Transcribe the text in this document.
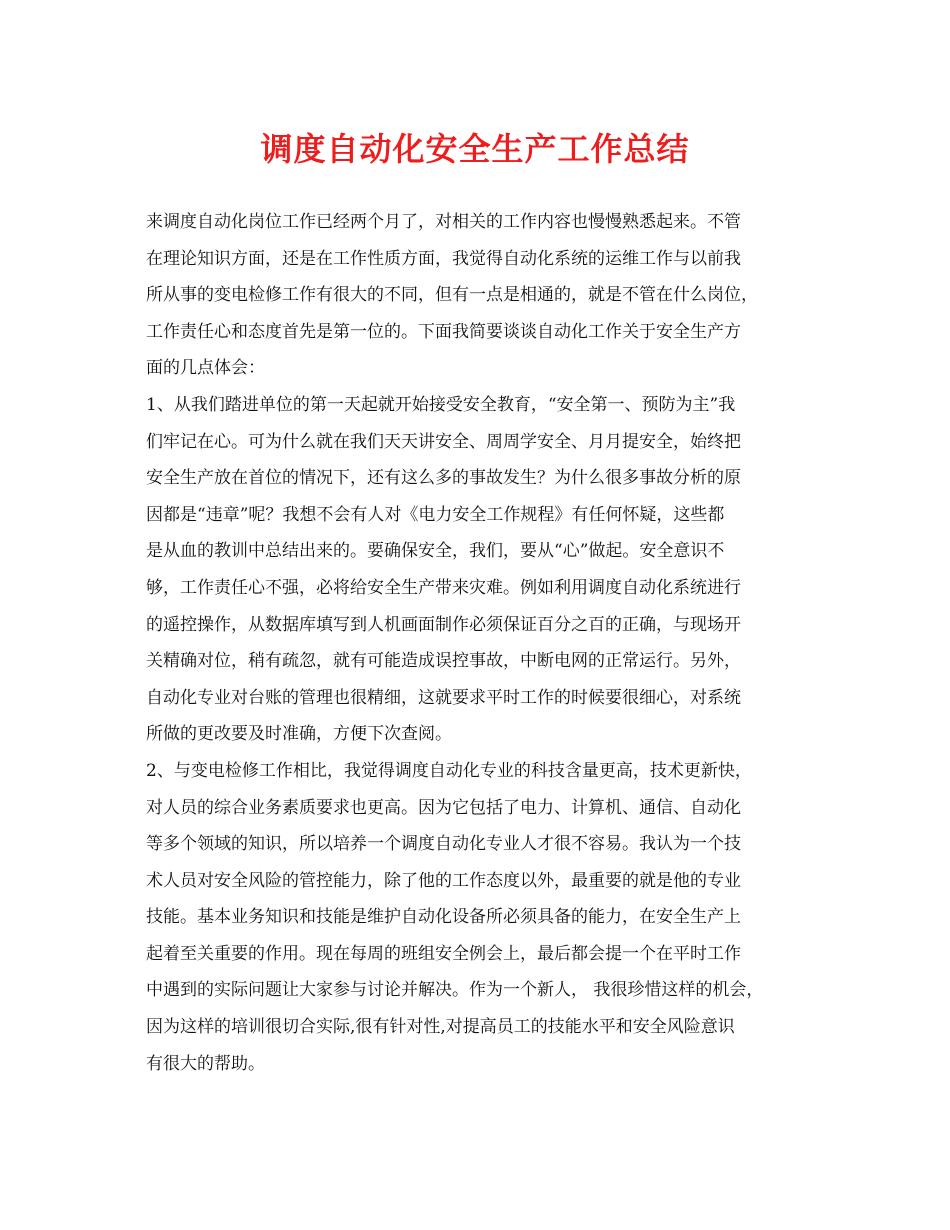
调度自动化安全生产工作总结
来调度自动化岗位工作已经两个月了，对相关的工作内容也慢慢熟悉起来。不管
在理论知识方面，还是在工作性质方面，我觉得自动化系统的运维工作与以前我
所从事的变电检修工作有很大的不同，但有一点是相通的，就是不管在什么岗位，
工作责任心和态度首先是第一位的。下面我简要谈谈自动化工作关于安全生产方
面的几点体会：
1、从我们踏进单位的第一天起就开始接受安全教育，“安全第一、预防为主”我
们牢记在心。可为什么就在我们天天讲安全、周周学安全、月月提安全，始终把
安全生产放在首位的情况下，还有这么多的事故发生？为什么很多事故分析的原
因都是“违章”呢？我想不会有人对《电力安全工作规程》有任何怀疑，这些都
是从血的教训中总结出来的。要确保安全，我们，要从“心”做起。安全意识不
够，工作责任心不强，必将给安全生产带来灾难。例如利用调度自动化系统进行
的遥控操作，从数据库填写到人机画面制作必须保证百分之百的正确，与现场开
关精确对位，稍有疏忽，就有可能造成误控事故，中断电网的正常运行。另外，
自动化专业对台账的管理也很精细，这就要求平时工作的时候要很细心，对系统
所做的更改要及时准确，方便下次查阅。
2、与变电检修工作相比，我觉得调度自动化专业的科技含量更高，技术更新快，
对人员的综合业务素质要求也更高。因为它包括了电力、计算机、通信、自动化
等多个领域的知识，所以培养一个调度自动化专业人才很不容易。我认为一个技
术人员对安全风险的管控能力，除了他的工作态度以外，最重要的就是他的专业
技能。基本业务知识和技能是维护自动化设备所必须具备的能力，在安全生产上
起着至关重要的作用。现在每周的班组安全例会上，最后都会提一个在平时工作
中遇到的实际问题让大家参与讨论并解决。作为一个新人， 我很珍惜这样的机会，
因为这样的培训很切合实际,很有针对性,对提高员工的技能水平和安全风险意识
有很大的帮助。
